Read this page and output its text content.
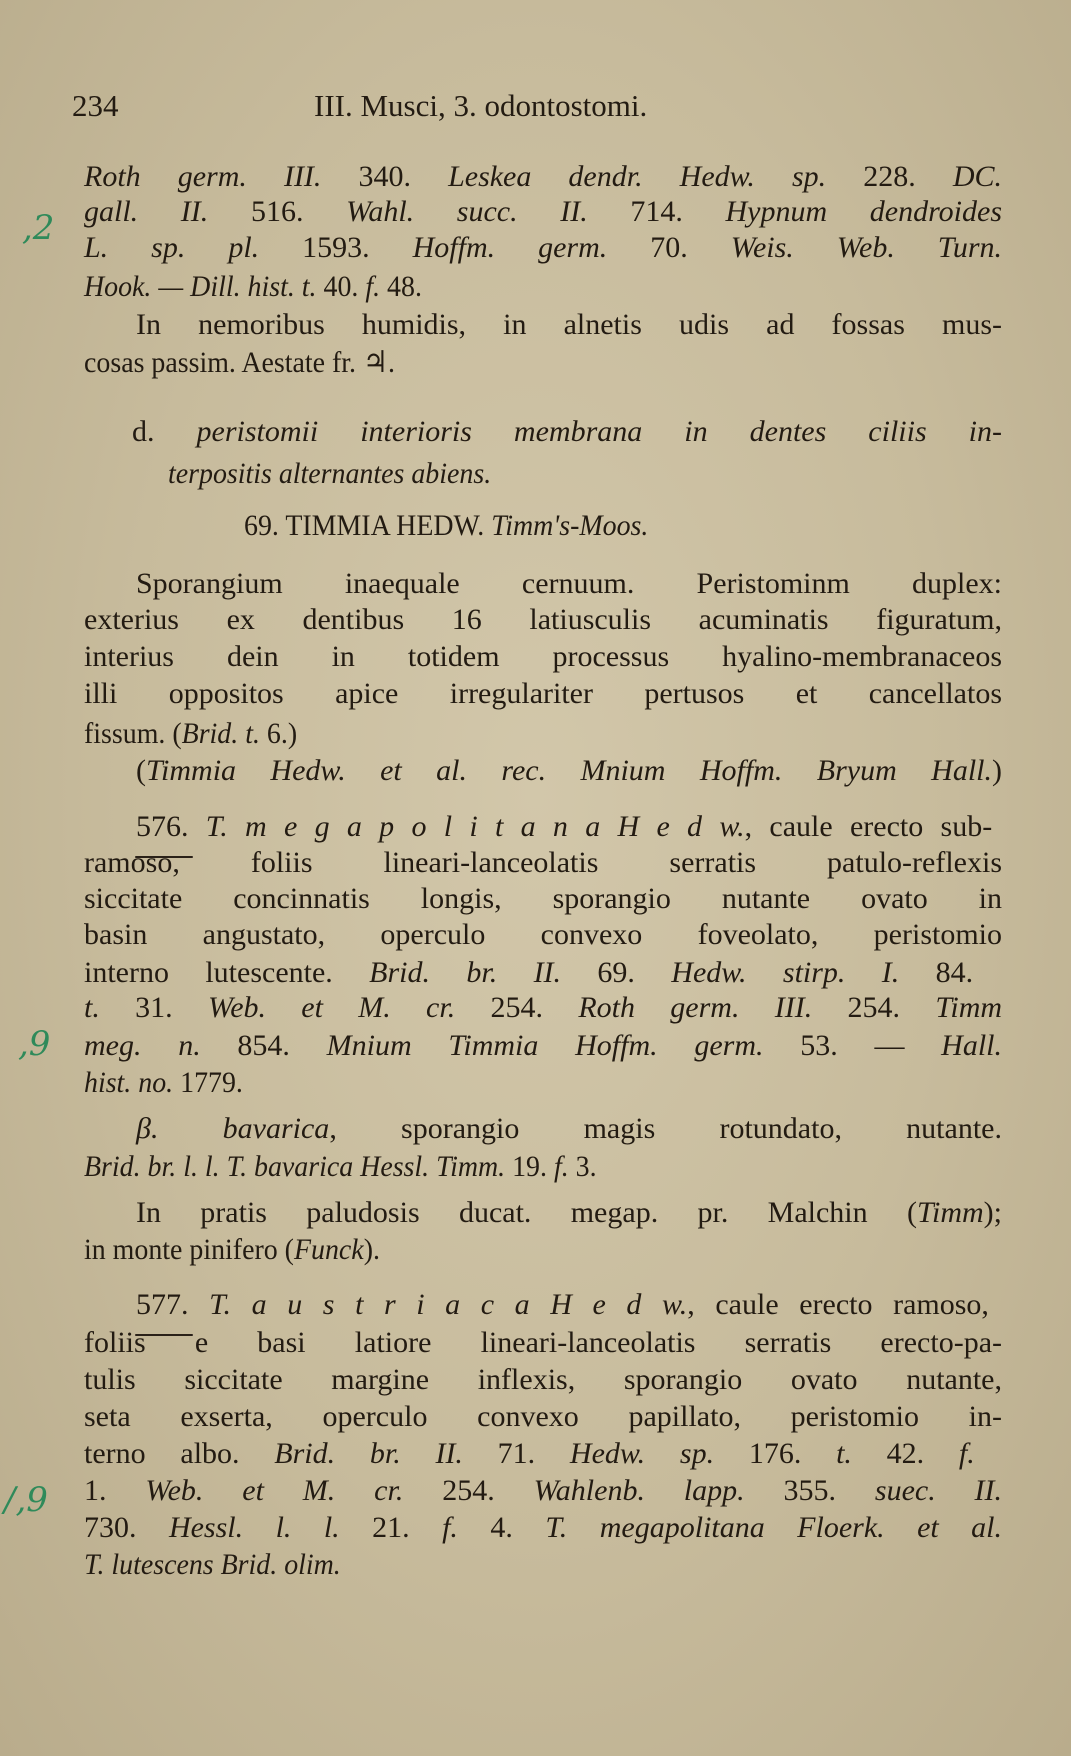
234	III. Musci, 3. odontostomi.
,2
,9
/,9
Roth germ. III. 340. Leskea dendr. Hedw. sp. 228. DC.
gall. II. 516. Wahl. succ. II. 714. Hypnum dendroides
L. sp. pl. 1593. Hoffm. germ. 70. Weis. Web. Turn.
Hook. — Dill. hist. t. 40. f. 48.
In nemoribus humidis, in alnetis udis ad fossas mus-
cosas passim. Aestate fr. ♃.
d. peristomii interioris membrana in dentes ciliis in-
terpositis alternantes abiens.
69. TIMMIA HEDW. Timm's-Moos.
Sporangium inaequale cernuum. Peristominm duplex:
exterius ex dentibus 16 latiusculis acuminatis figuratum,
interius dein in totidem processus hyalino-membranaceos
illi oppositos apice irregulariter pertusos et cancellatos
fissum. (Brid. t. 6.)
(Timmia Hedw. et al. rec. Mnium Hoffm. Bryum Hall.)
576. T. m e g a p o l i t a n a H e d w., caule erecto sub-
ramoso, foliis lineari-lanceolatis serratis patulo-reflexis
siccitate concinnatis longis, sporangio nutante ovato in
basin angustato, operculo convexo foveolato, peristomio
interno lutescente. Brid. br. II. 69. Hedw. stirp. I. 84.
t. 31. Web. et M. cr. 254. Roth germ. III. 254. Timm
meg. n. 854. Mnium Timmia Hoffm. germ. 53. — Hall.
hist. no. 1779.
β. bavarica, sporangio magis rotundato, nutante.
Brid. br. l. l. T. bavarica Hessl. Timm. 19. f. 3.
In pratis paludosis ducat. megap. pr. Malchin (Timm);
in monte pinifero (Funck).
577. T. a u s t r i a c a H e d w., caule erecto ramoso,
foliis e basi latiore lineari-lanceolatis serratis erecto-pa-
tulis siccitate margine inflexis, sporangio ovato nutante,
seta exserta, operculo convexo papillato, peristomio in-
terno albo. Brid. br. II. 71. Hedw. sp. 176. t. 42. f.
1. Web. et M. cr. 254. Wahlenb. lapp. 355. suec. II.
730. Hessl. l. l. 21. f. 4. T. megapolitana Floerk. et al.
T. lutescens Brid. olim.
